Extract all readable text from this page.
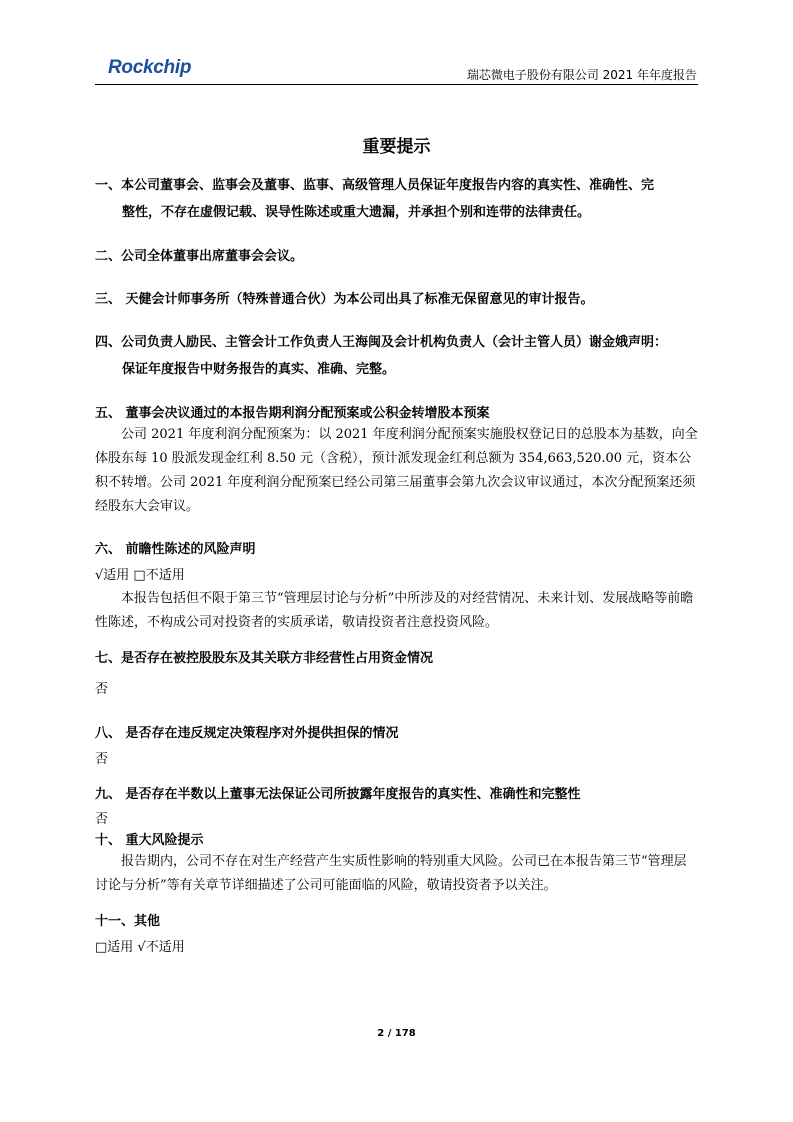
Rockchip	瑞芯微电子股份有限公司 2021 年年度报告
重要提示
一、本公司董事会、监事会及董事、监事、高级管理人员保证年度报告内容的真实性、准确性、完
整性，不存在虚假记载、误导性陈述或重大遗漏，并承担个别和连带的法律责任。
二、公司全体董事出席董事会会议。
三、 天健会计师事务所（特殊普通合伙）为本公司出具了标准无保留意见的审计报告。
四、公司负责人励民、主管会计工作负责人王海闽及会计机构负责人（会计主管人员）谢金娥声明：
保证年度报告中财务报告的真实、准确、完整。
五、 董事会决议通过的本报告期利润分配预案或公积金转增股本预案
公司 2021 年度利润分配预案为：以 2021 年度利润分配预案实施股权登记日的总股本为基数，向全体股东每 10 股派发现金红利 8.50 元（含税），预计派发现金红利总额为 354,663,520.00 元，资本公积不转增。公司 2021 年度利润分配预案已经公司第三届董事会第九次会议审议通过，本次分配预案还须经股东大会审议。
六、 前瞻性陈述的风险声明
√适用 □不适用
本报告包括但不限于第三节“管理层讨论与分析”中所涉及的对经营情况、未来计划、发展战略等前瞻性陈述，不构成公司对投资者的实质承诺，敬请投资者注意投资风险。
七、是否存在被控股股东及其关联方非经营性占用资金情况
否
八、 是否存在违反规定决策程序对外提供担保的情况
否
九、 是否存在半数以上董事无法保证公司所披露年度报告的真实性、准确性和完整性
否
十、 重大风险提示
报告期内，公司不存在对生产经营产生实质性影响的特别重大风险。公司已在本报告第三节“管理层讨论与分析”等有关章节详细描述了公司可能面临的风险，敬请投资者予以关注。
十一、其他
□适用 √不适用
2 / 178
